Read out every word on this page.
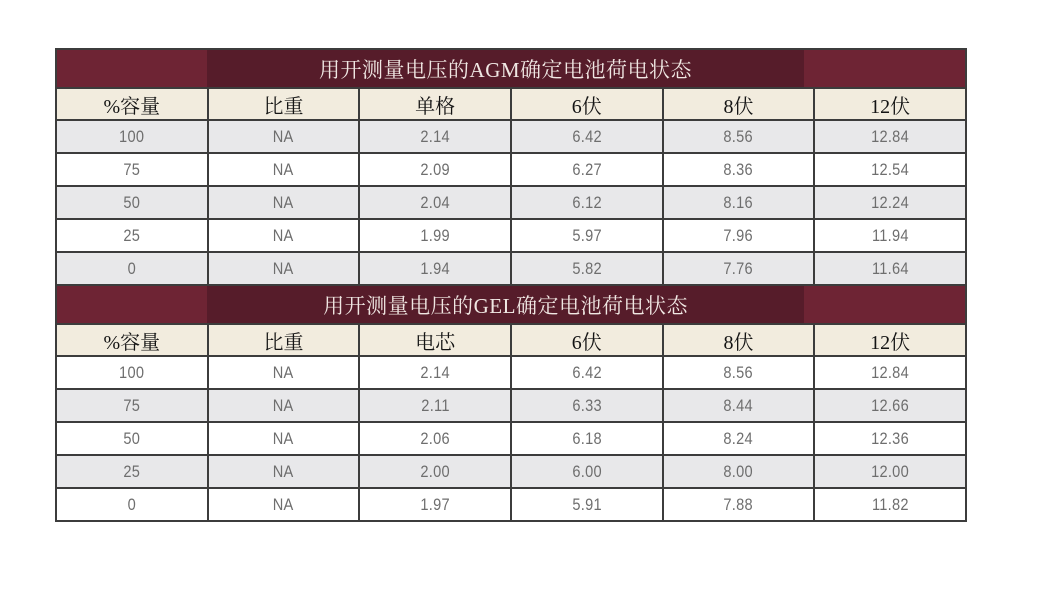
用开测量电压的AGM确定电池荷电状态					

%容量	比重	单格	6伏	8伏	12伏
100	NA	2.14	6.42	8.56	12.84
75	NA	2.09	6.27	8.36	12.54
50	NA	2.04	6.12	8.16	12.24
25	NA	1.99	5.97	7.96	11.94
0	NA	1.94	5.82	7.76	11.64

用开测量电压的GEL确定电池荷电状态					

%容量	比重	电芯	6伏	8伏	12伏
100	NA	2.14	6.42	8.56	12.84
75	NA	2.11	6.33	8.44	12.66
50	NA	2.06	6.18	8.24	12.36
25	NA	2.00	6.00	8.00	12.00
0	NA	1.97	5.91	7.88	11.82
